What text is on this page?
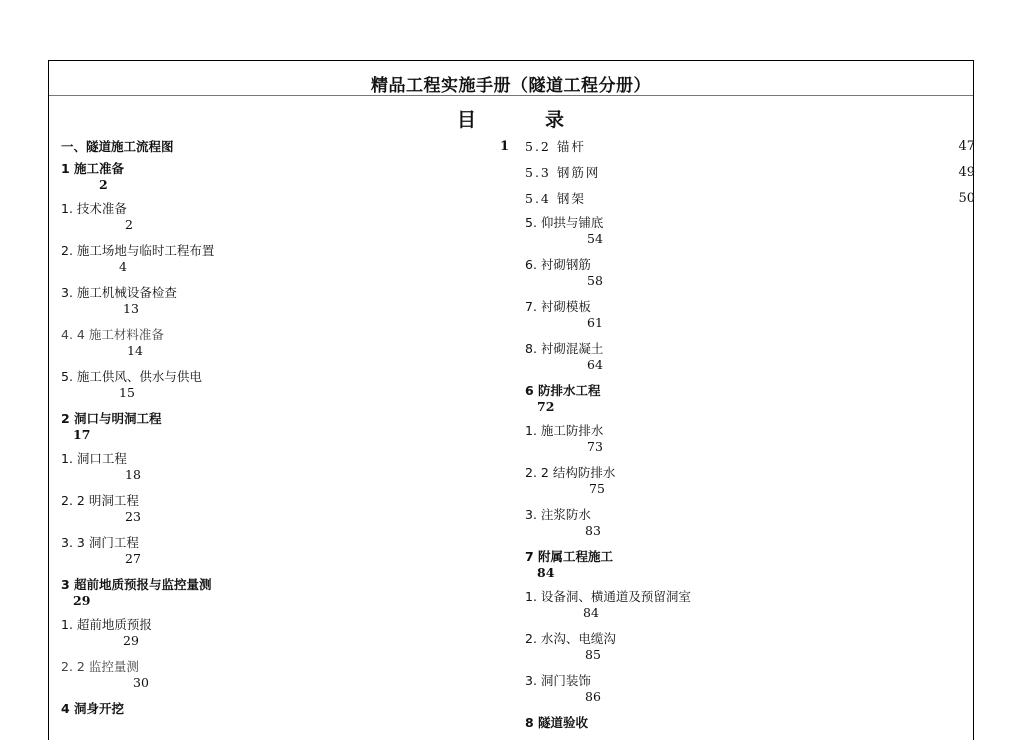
精品工程实施手册（隧道工程分册）
目	录
一、隧道施工流程图	1
1 施工准备
2
1. 技术准备
2
2. 施工场地与临时工程布置
4
3. 施工机械设备检查
13
4. 4 施工材料准备
14
5. 施工供风、供水与供电
15
2 洞口与明洞工程
17
1. 洞口工程
18
2. 2 明洞工程
23
3. 3 洞门工程
27
3 超前地质预报与监控量测
29
1. 超前地质预报
29
2. 2 监控量测
30
4 洞身开挖
5.2 锚杆	47
5.3 钢筋网	49
5.4 钢架	50
5. 仰拱与铺底
54
6. 衬砌钢筋
58
7. 衬砌模板
61
8. 衬砌混凝土
64
6 防排水工程
72
1. 施工防排水
73
2. 2 结构防排水
75
3. 注浆防水
83
7 附属工程施工
84
1. 设备洞、横通道及预留洞室
84
2. 水沟、电缆沟
85
3. 洞门装饰
86
8 隧道验收
